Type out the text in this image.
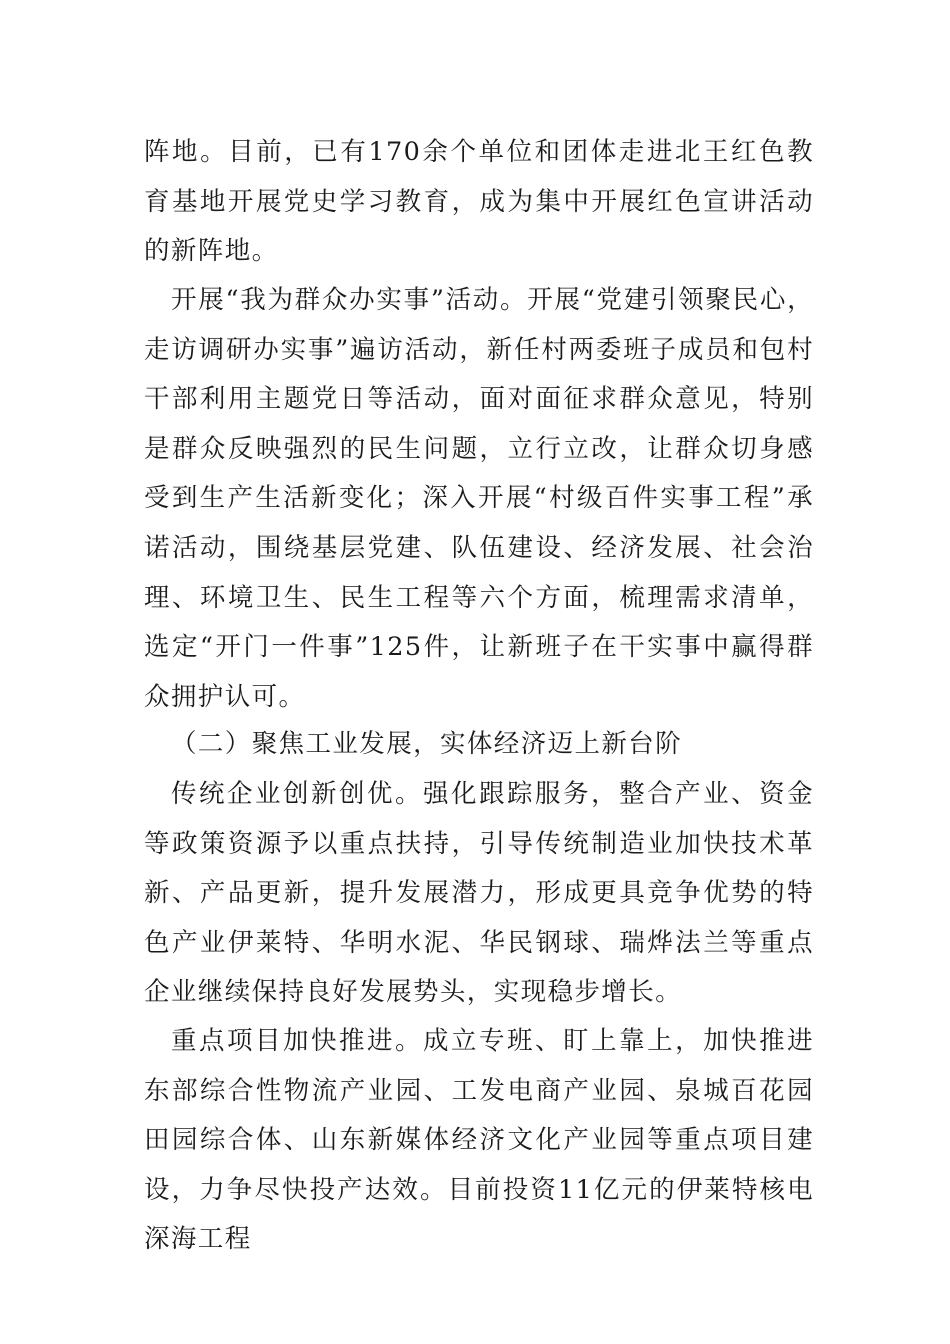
阵地。目前，已有170余个单位和团体走进北王红色教育基地开展党史学习教育，成为集中开展红色宣讲活动的新阵地。

开展“我为群众办实事”活动。开展“党建引领聚民心，走访调研办实事”遍访活动，新任村两委班子成员和包村干部利用主题党日等活动，面对面征求群众意见，特别是群众反映强烈的民生问题，立行立改，让群众切身感受到生产生活新变化；深入开展“村级百件实事工程”承诺活动，围绕基层党建、队伍建设、经济发展、社会治理、环境卫生、民生工程等六个方面，梳理需求清单，选定“开门一件事”125件，让新班子在干实事中赢得群众拥护认可。

（二）聚焦工业发展，实体经济迈上新台阶

传统企业创新创优。强化跟踪服务，整合产业、资金等政策资源予以重点扶持，引导传统制造业加快技术革新、产品更新，提升发展潜力，形成更具竞争优势的特色产业伊莱特、华明水泥、华民钢球、瑞烨法兰等重点企业继续保持良好发展势头，实现稳步增长。

重点项目加快推进。成立专班、盯上靠上，加快推进东部综合性物流产业园、工发电商产业园、泉城百花园田园综合体、山东新媒体经济文化产业园等重点项目建设，力争尽快投产达效。目前投资11亿元的伊莱特核电深海工程
